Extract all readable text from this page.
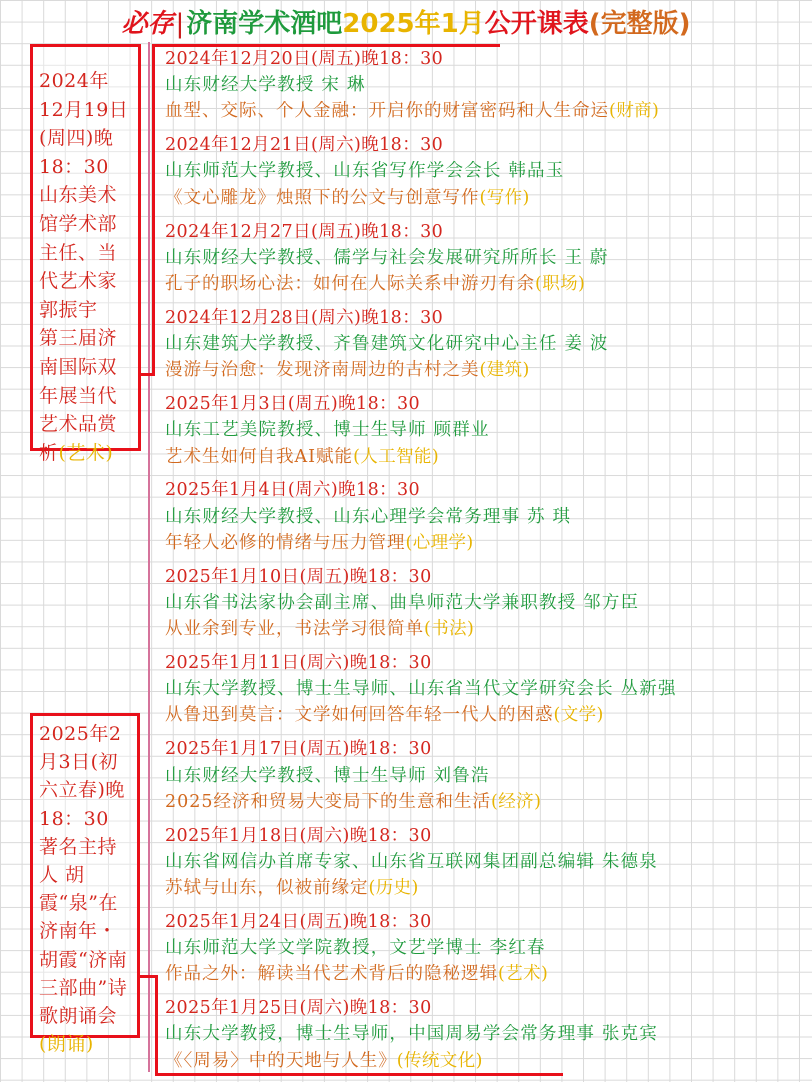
必存|济南学术酒吧2025年1月公开课表(完整版)
2024年12月19日(周四)晚18：30
山东美术馆学术部主任、当代艺术家郭振宇
第三届济南国际双年展当代艺术品赏析(艺术)
2025年2月3日(初六立春)晚18：30
著名主持人 胡霞“泉”在济南年・胡霞“济南三部曲”诗歌朗诵会
(朗诵)
2024年12月20日(周五)晚18：30
山东财经大学教授 宋 琳
血型、交际、个人金融：开启你的财富密码和人生命运(财商)
2024年12月21日(周六)晚18：30
山东师范大学教授、山东省写作学会会长 韩品玉
《文心雕龙》烛照下的公文与创意写作(写作)
2024年12月27日(周五)晚18：30
山东财经大学教授、儒学与社会发展研究所所长 王 蔚
孔子的职场心法：如何在人际关系中游刃有余(职场)
2024年12月28日(周六)晚18：30
山东建筑大学教授、齐鲁建筑文化研究中心主任 姜 波
漫游与治愈：发现济南周边的古村之美(建筑)
2025年1月3日(周五)晚18：30
山东工艺美院教授、博士生导师 顾群业
艺术生如何自我AI赋能(人工智能)
2025年1月4日(周六)晚18：30
山东财经大学教授、山东心理学会常务理事 苏 琪
年轻人必修的情绪与压力管理(心理学)
2025年1月10日(周五)晚18：30
山东省书法家协会副主席、曲阜师范大学兼职教授 邹方臣
从业余到专业，书法学习很简单(书法)
2025年1月11日(周六)晚18：30
山东大学教授、博士生导师、山东省当代文学研究会长 丛新强
从鲁迅到莫言：文学如何回答年轻一代人的困惑(文学)
2025年1月17日(周五)晚18：30
山东财经大学教授、博士生导师 刘鲁浩
2025经济和贸易大变局下的生意和生活(经济)
2025年1月18日(周六)晚18：30
山东省网信办首席专家、山东省互联网集团副总编辑 朱德泉
苏轼与山东，似被前缘定(历史)
2025年1月24日(周五)晚18：30
山东师范大学文学院教授，文艺学博士 李红春
作品之外：解读当代艺术背后的隐秘逻辑(艺术)
2025年1月25日(周六)晚18：30
山东大学教授，博士生导师，中国周易学会常务理事 张克宾
《〈周易〉中的天地与人生》(传统文化)
